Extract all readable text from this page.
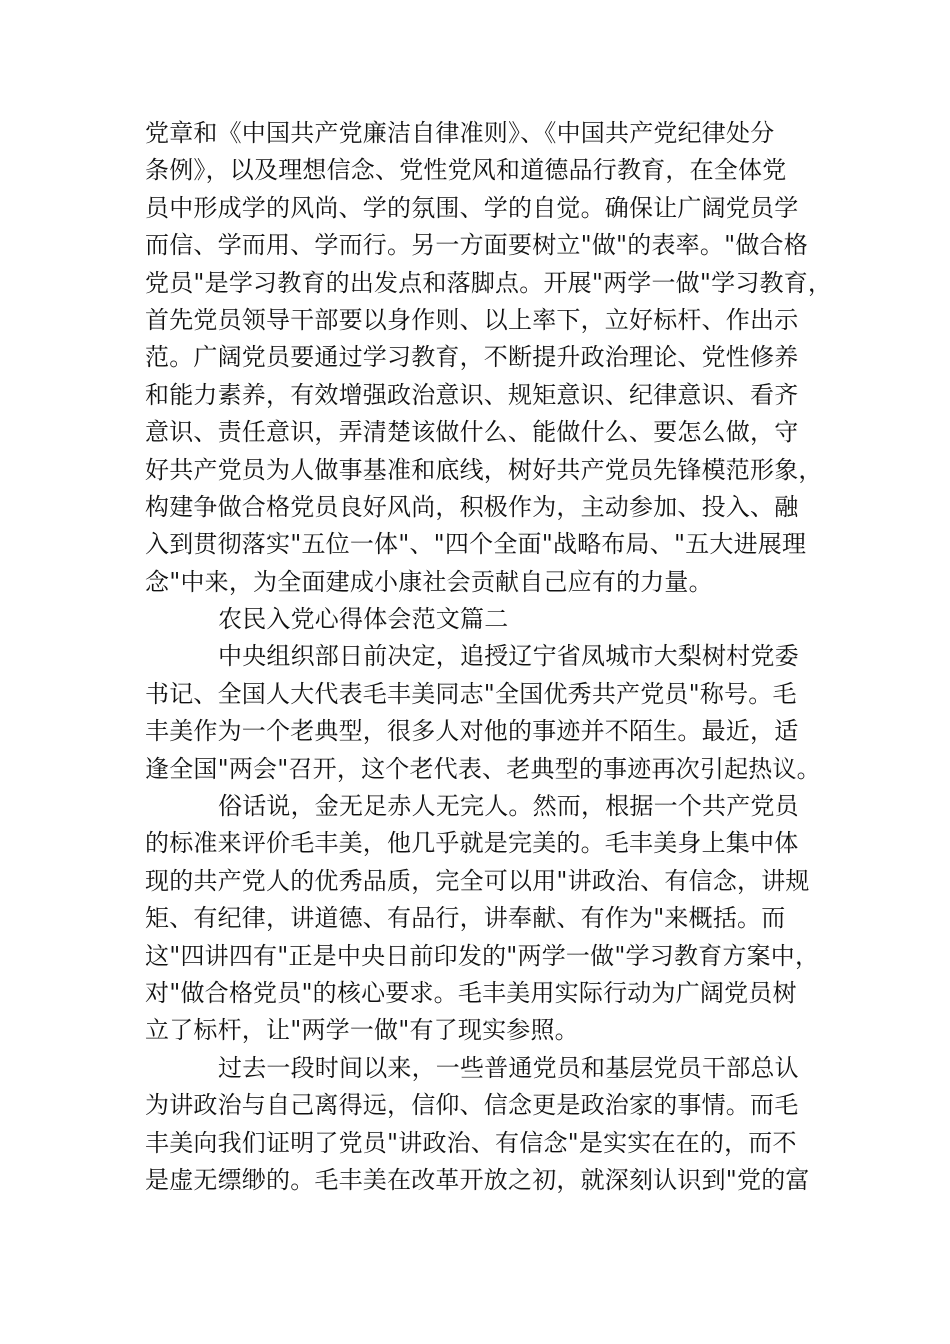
党章和《中国共产党廉洁自律准则》、《中国共产党纪律处分
条例》，以及理想信念、党性党风和道德品行教育，在全体党
员中形成学的风尚、学的氛围、学的自觉。确保让广阔党员学
而信、学而用、学而行。另一方面要树立"做"的表率。"做合格
党员"是学习教育的出发点和落脚点。开展"两学一做"学习教育，
首先党员领导干部要以身作则、以上率下，立好标杆、作出示
范。广阔党员要通过学习教育，不断提升政治理论、党性修养
和能力素养，有效增强政治意识、规矩意识、纪律意识、看齐
意识、责任意识，弄清楚该做什么、能做什么、要怎么做，守
好共产党员为人做事基准和底线，树好共产党员先锋模范形象，
构建争做合格党员良好风尚，积极作为，主动参加、投入、融
入到贯彻落实"五位一体"、"四个全面"战略布局、"五大进展理
念"中来，为全面建成小康社会贡献自己应有的力量。
农民入党心得体会范文篇二
中央组织部日前决定，追授辽宁省凤城市大梨树村党委
书记、全国人大代表毛丰美同志"全国优秀共产党员"称号。毛
丰美作为一个老典型，很多人对他的事迹并不陌生。最近，适
逢全国"两会"召开，这个老代表、老典型的事迹再次引起热议。
俗话说，金无足赤人无完人。然而，根据一个共产党员
的标准来评价毛丰美，他几乎就是完美的。毛丰美身上集中体
现的共产党人的优秀品质，完全可以用"讲政治、有信念，讲规
矩、有纪律，讲道德、有品行，讲奉献、有作为"来概括。而
这"四讲四有"正是中央日前印发的"两学一做"学习教育方案中，
对"做合格党员"的核心要求。毛丰美用实际行动为广阔党员树
立了标杆，让"两学一做"有了现实参照。
过去一段时间以来，一些普通党员和基层党员干部总认
为讲政治与自己离得远，信仰、信念更是政治家的事情。而毛
丰美向我们证明了党员"讲政治、有信念"是实实在在的，而不
是虚无缥缈的。毛丰美在改革开放之初，就深刻认识到"党的富
